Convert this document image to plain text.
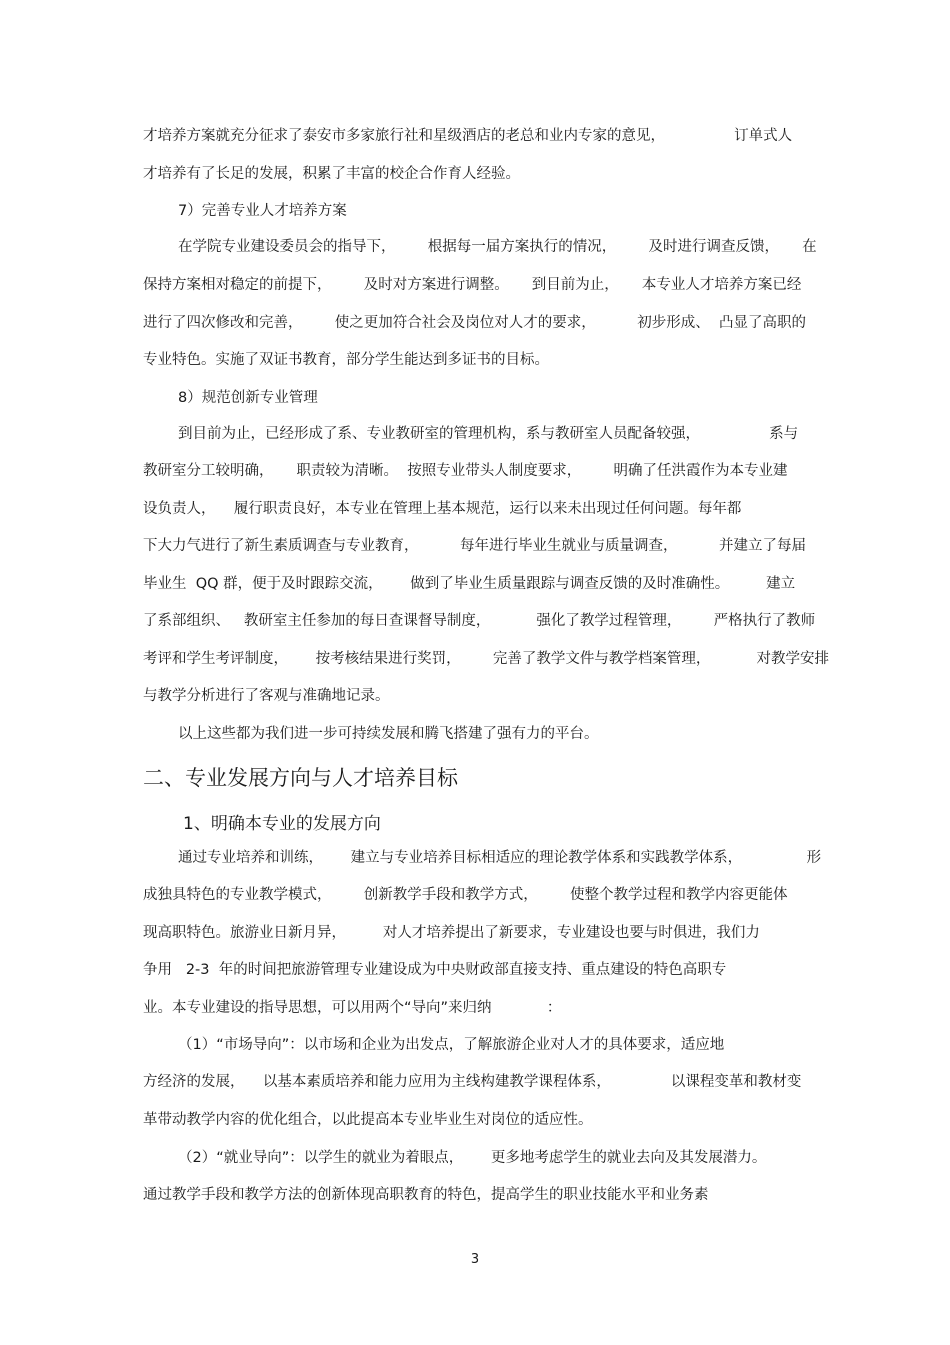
才培养方案就充分征求了泰安市多家旅行社和星级酒店的老总和业内专家的意见，               订单式人
才培养有了长足的发展，积累了丰富的校企合作育人经验。
7）完善专业人才培养方案
在学院专业建设委员会的指导下，       根据每一届方案执行的情况，       及时进行调查反馈，     在
保持方案相对稳定的前提下，       及时对方案进行调整。     到目前为止，     本专业人才培养方案已经
进行了四次修改和完善，       使之更加符合社会及岗位对人才的要求，         初步形成、  凸显了高职的
专业特色。实施了双证书教育，部分学生能达到多证书的目标。
8）规范创新专业管理
到目前为止，已经形成了系、专业教研室的管理机构，系与教研室人员配备较强，               系与
教研室分工较明确，     职责较为清晰。  按照专业带头人制度要求，       明确了任洪霞作为本专业建
设负责人，    履行职责良好，本专业在管理上基本规范，运行以来未出现过任何问题。每年都
下大力气进行了新生素质调查与专业教育，         每年进行毕业生就业与质量调查，         并建立了每届
毕业生  QQ 群，便于及时跟踪交流，      做到了毕业生质量跟踪与调查反馈的及时准确性。        建立
了系部组织、   教研室主任参加的每日查课督导制度，          强化了教学过程管理，       严格执行了教师
考评和学生考评制度，      按考核结果进行奖罚，       完善了教学文件与教学档案管理，          对教学安排
与教学分析进行了客观与准确地记录。
以上这些都为我们进一步可持续发展和腾飞搭建了强有力的平台。
二、专业发展方向与人才培养目标
1、明确本专业的发展方向
通过专业培养和训练，      建立与专业培养目标相适应的理论教学体系和实践教学体系，              形
成独具特色的专业教学模式，       创新教学手段和教学方式，       使整个教学过程和教学内容更能体
现高职特色。旅游业日新月异，        对人才培养提出了新要求，专业建设也要与时俱进，我们力
争用   2-3  年的时间把旅游管理专业建设成为中央财政部直接支持、重点建设的特色高职专
业。本专业建设的指导思想，可以用两个“导向”来归纳            ：
（1）“市场导向”：以市场和企业为出发点，了解旅游企业对人才的具体要求，适应地
方经济的发展，    以基本素质培养和能力应用为主线构建教学课程体系，             以课程变革和教材变
革带动教学内容的优化组合，以此提高本专业毕业生对岗位的适应性。
（2）“就业导向”：以学生的就业为着眼点，      更多地考虑学生的就业去向及其发展潜力。
通过教学手段和教学方法的创新体现高职教育的特色，提高学生的职业技能水平和业务素
3
